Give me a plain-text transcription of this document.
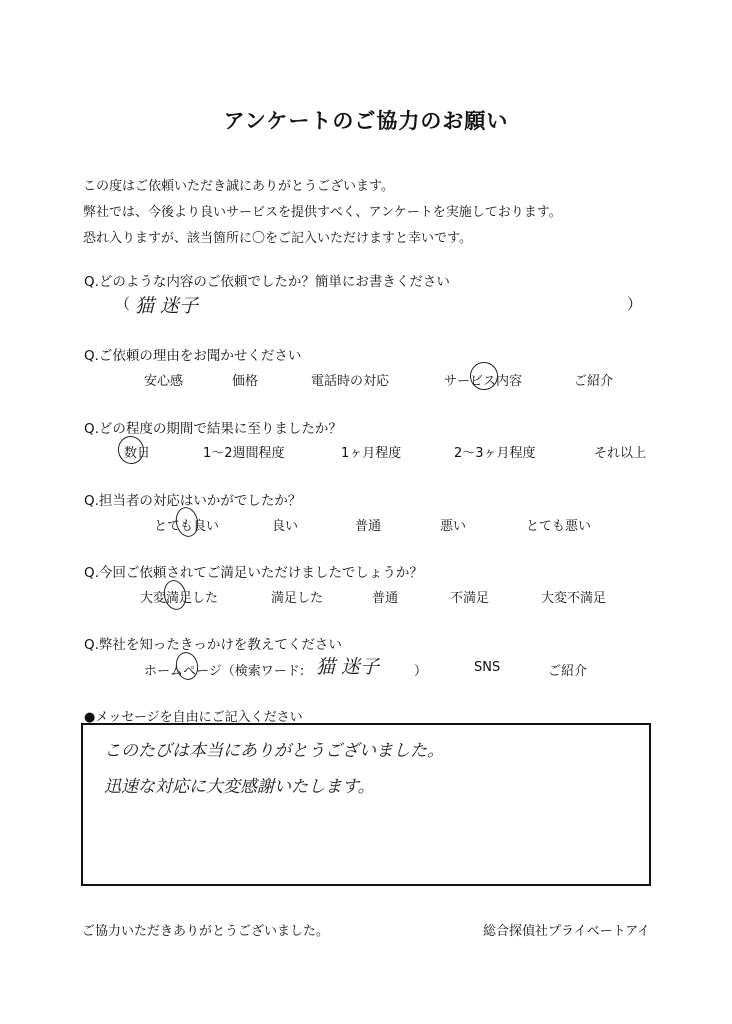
アンケートのご協力のお願い
この度はご依頼いただき誠にありがとうございます。
弊社では、今後より良いサービスを提供すべく、アンケートを実施しております。
恐れ入りますが、該当箇所に〇をご記入いただけますと幸いです。
Q.どのような内容のご依頼でしたか？簡単にお書きください
（ 猫 迷子	）
Q.ご依頼の理由をお聞かせください
安心感	価格	電話時の対応	サービス内容	ご紹介
Q.どの程度の期間で結果に至りましたか？
数日	1～2週間程度	1ヶ月程度	2～3ヶ月程度	それ以上
Q.担当者の対応はいかがでしたか？
とても良い	良い	普通	悪い	とても悪い
Q.今回ご依頼されてご満足いただけましたでしょうか？
大変満足した	満足した	普通	不満足	大変不満足
Q.弊社を知ったきっかけを教えてください
ホームページ（検索ワード: 猫 迷子	）	SNS	ご紹介
●メッセージを自由にご記入ください
このたびは本当にありがとうございました。
迅速な対応に大変感謝いたします。
ご協力いただきありがとうございました。	総合探偵社プライベートアイ
